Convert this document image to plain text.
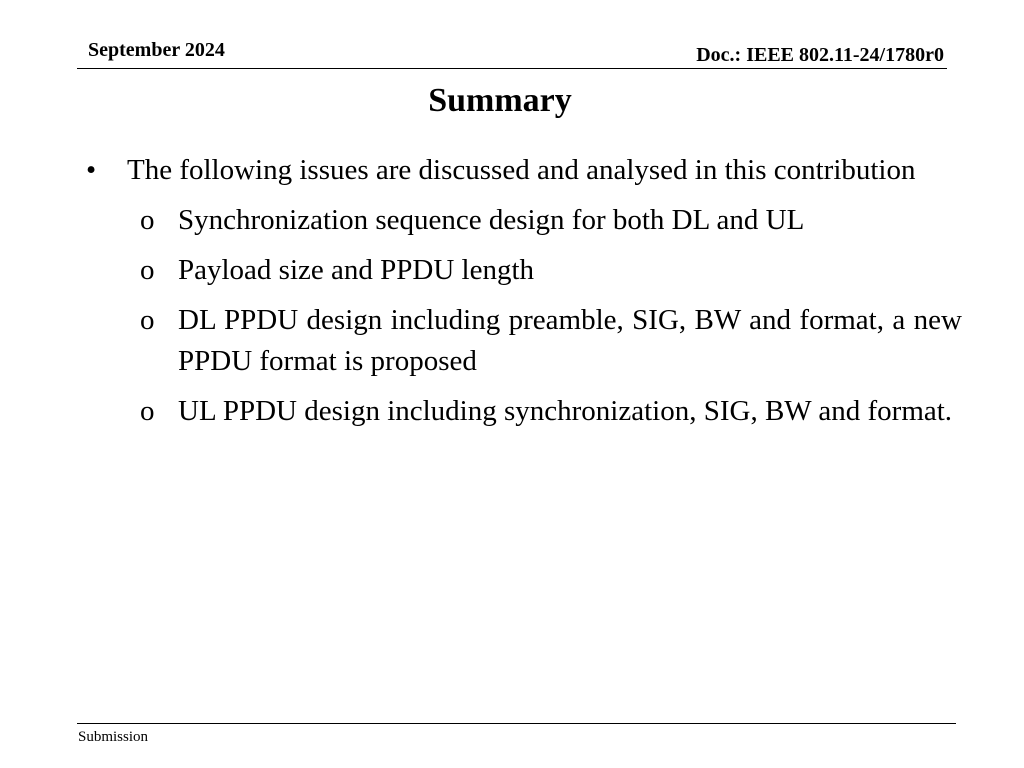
September 2024	Doc.: IEEE 802.11-24/1780r0
Summary
• The following issues are discussed and analysed in this contribution
o Synchronization sequence design for both DL and UL
o Payload size and PPDU length
o DL PPDU design including preamble, SIG, BW and format, a new PPDU format is proposed
o UL PPDU design including synchronization, SIG, BW and format.
Submission
